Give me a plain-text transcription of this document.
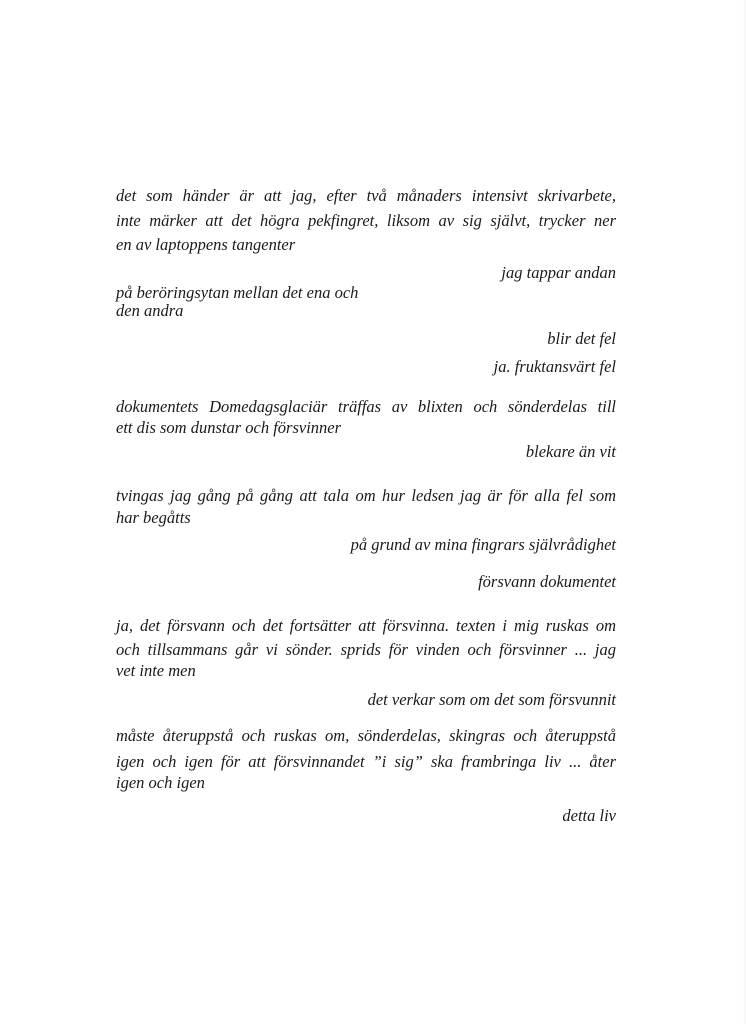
det som händer är att jag, efter två månaders intensivt skrivarbete,
inte märker att det högra pekfingret, liksom av sig självt, trycker ner
en av laptoppens tangenter
jag tappar andan
på beröringsytan mellan det ena och
den andra
blir det fel
ja. fruktansvärt fel
dokumentets Domedagsglaciär träffas av blixten och sönderdelas till
ett dis som dunstar och försvinner
blekare än vit
tvingas jag gång på gång att tala om hur ledsen jag är för alla fel som
har begåtts
på grund av mina fingrars självrådighet
försvann dokumentet
ja, det försvann och det fortsätter att försvinna. texten i mig ruskas om
och tillsammans går vi sönder. sprids för vinden och försvinner ... jag
vet inte men
det verkar som om det som försvunnit
måste återuppstå och ruskas om, sönderdelas, skingras och återuppstå
igen och igen för att försvinnandet ”i sig” ska frambringa liv ... åter
igen och igen
detta liv
